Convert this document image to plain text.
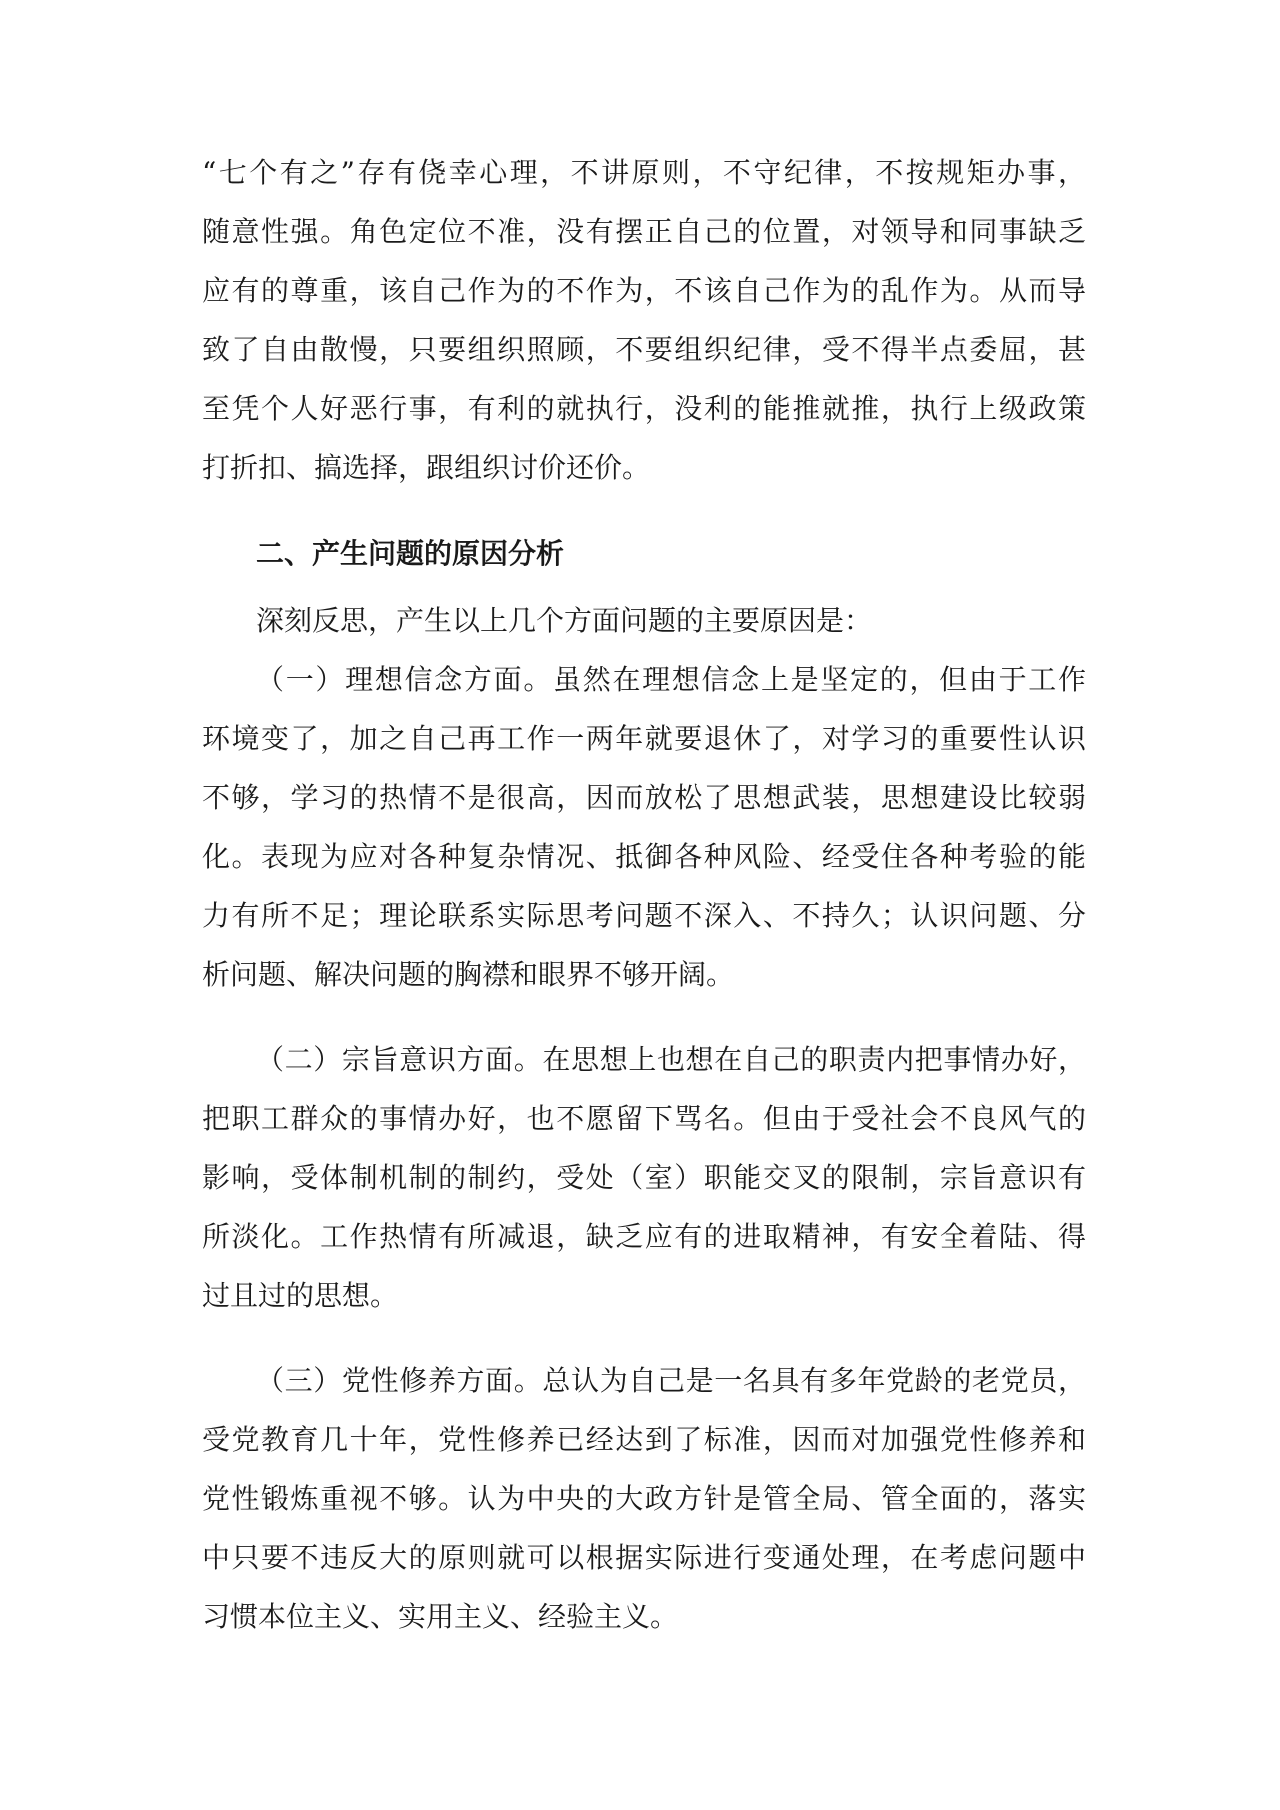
“七个有之”存有侥幸心理，不讲原则，不守纪律，不按规矩办事，
随意性强。角色定位不准，没有摆正自己的位置，对领导和同事缺乏
应有的尊重，该自己作为的不作为，不该自己作为的乱作为。从而导
致了自由散慢，只要组织照顾，不要组织纪律，受不得半点委屈，甚
至凭个人好恶行事，有利的就执行，没利的能推就推，执行上级政策
打折扣、搞选择，跟组织讨价还价。
二、产生问题的原因分析
深刻反思，产生以上几个方面问题的主要原因是：
（一）理想信念方面。虽然在理想信念上是坚定的，但由于工作
环境变了，加之自己再工作一两年就要退休了，对学习的重要性认识
不够，学习的热情不是很高，因而放松了思想武装，思想建设比较弱
化。表现为应对各种复杂情况、抵御各种风险、经受住各种考验的能
力有所不足；理论联系实际思考问题不深入、不持久；认识问题、分
析问题、解决问题的胸襟和眼界不够开阔。
（二）宗旨意识方面。在思想上也想在自己的职责内把事情办好，
把职工群众的事情办好，也不愿留下骂名。但由于受社会不良风气的
影响，受体制机制的制约，受处（室）职能交叉的限制，宗旨意识有
所淡化。工作热情有所减退，缺乏应有的进取精神，有安全着陆、得
过且过的思想。
（三）党性修养方面。总认为自己是一名具有多年党龄的老党员，
受党教育几十年，党性修养已经达到了标准，因而对加强党性修养和
党性锻炼重视不够。认为中央的大政方针是管全局、管全面的，落实
中只要不违反大的原则就可以根据实际进行变通处理，在考虑问题中
习惯本位主义、实用主义、经验主义。
